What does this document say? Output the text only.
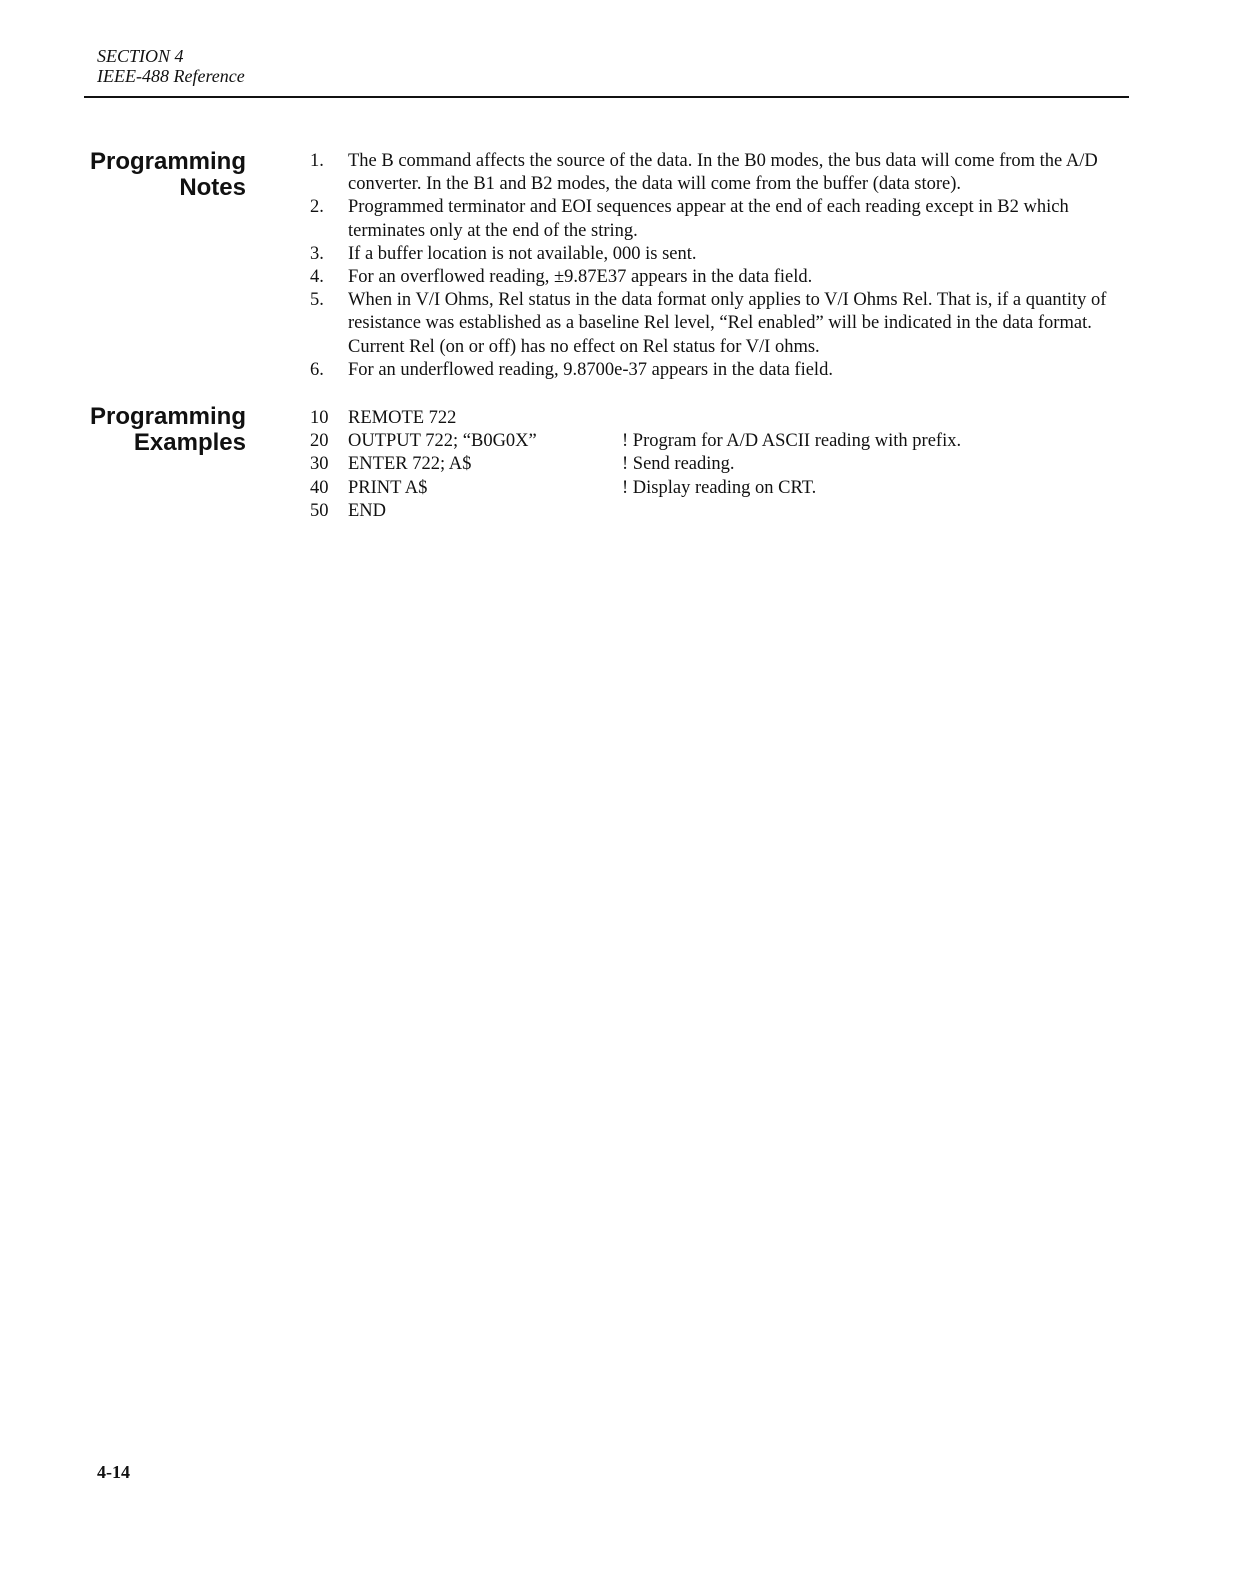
SECTION 4
IEEE-488 Reference
Programming
Notes
1. The B command affects the source of the data. In the B0 modes, the bus data will come from the A/D converter. In the B1 and B2 modes, the data will come from the buffer (data store).
2. Programmed terminator and EOI sequences appear at the end of each reading except in B2 which terminates only at the end of the string.
3. If a buffer location is not available, 000 is sent.
4. For an overflowed reading, ±9.87E37 appears in the data field.
5. When in V/I Ohms, Rel status in the data format only applies to V/I Ohms Rel. That is, if a quantity of resistance was established as a baseline Rel level, “Rel enabled” will be indicated in the data format. Current Rel (on or off) has no effect on Rel status for V/I ohms.
6. For an underflowed reading, 9.8700e-37 appears in the data field.
Programming
Examples
10	REMOTE 722
20	OUTPUT 722; “B0G0X”	! Program for A/D ASCII reading with prefix.
30	ENTER 722; A$	! Send reading.
40	PRINT A$	! Display reading on CRT.
50	END
4-14
